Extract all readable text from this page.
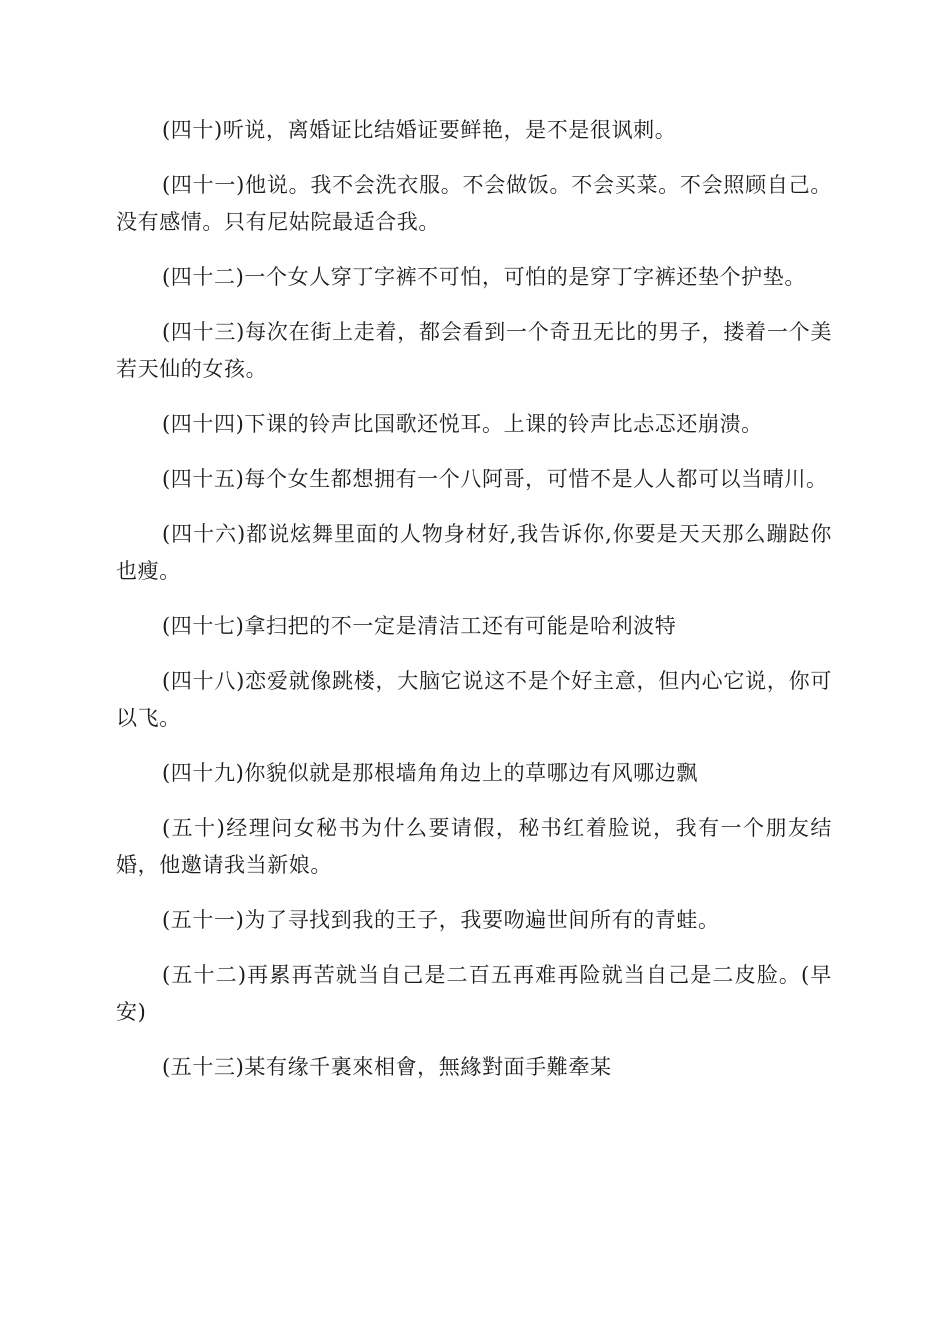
(四十)听说，离婚证比结婚证要鲜艳，是不是很讽刺。

(四十一)他说。我不会洗衣服。不会做饭。不会买菜。不会照顾自己。没有感情。只有尼姑院最适合我。

(四十二)一个女人穿丁字裤不可怕，可怕的是穿丁字裤还垫个护垫。

(四十三)每次在街上走着，都会看到一个奇丑无比的男子，搂着一个美若天仙的女孩。

(四十四)下课的铃声比国歌还悦耳。上课的铃声比忐忑还崩溃。

(四十五)每个女生都想拥有一个八阿哥，可惜不是人人都可以当晴川。

(四十六)都说炫舞里面的人物身材好,我告诉你,你要是天天那么蹦跶你也瘦。

(四十七)拿扫把的不一定是清洁工还有可能是哈利波特

(四十八)恋爱就像跳楼，大脑它说这不是个好主意，但内心它说，你可以飞。

(四十九)你貌似就是那根墙角角边上的草哪边有风哪边飘

(五十)经理问女秘书为什么要请假，秘书红着脸说，我有一个朋友结婚，他邀请我当新娘。

(五十一)为了寻找到我的王子，我要吻遍世间所有的青蛙。

(五十二)再累再苦就当自己是二百五再难再险就当自己是二皮脸。(早安)

(五十三)某有缘千裏來相會，無緣對面手難牽某
